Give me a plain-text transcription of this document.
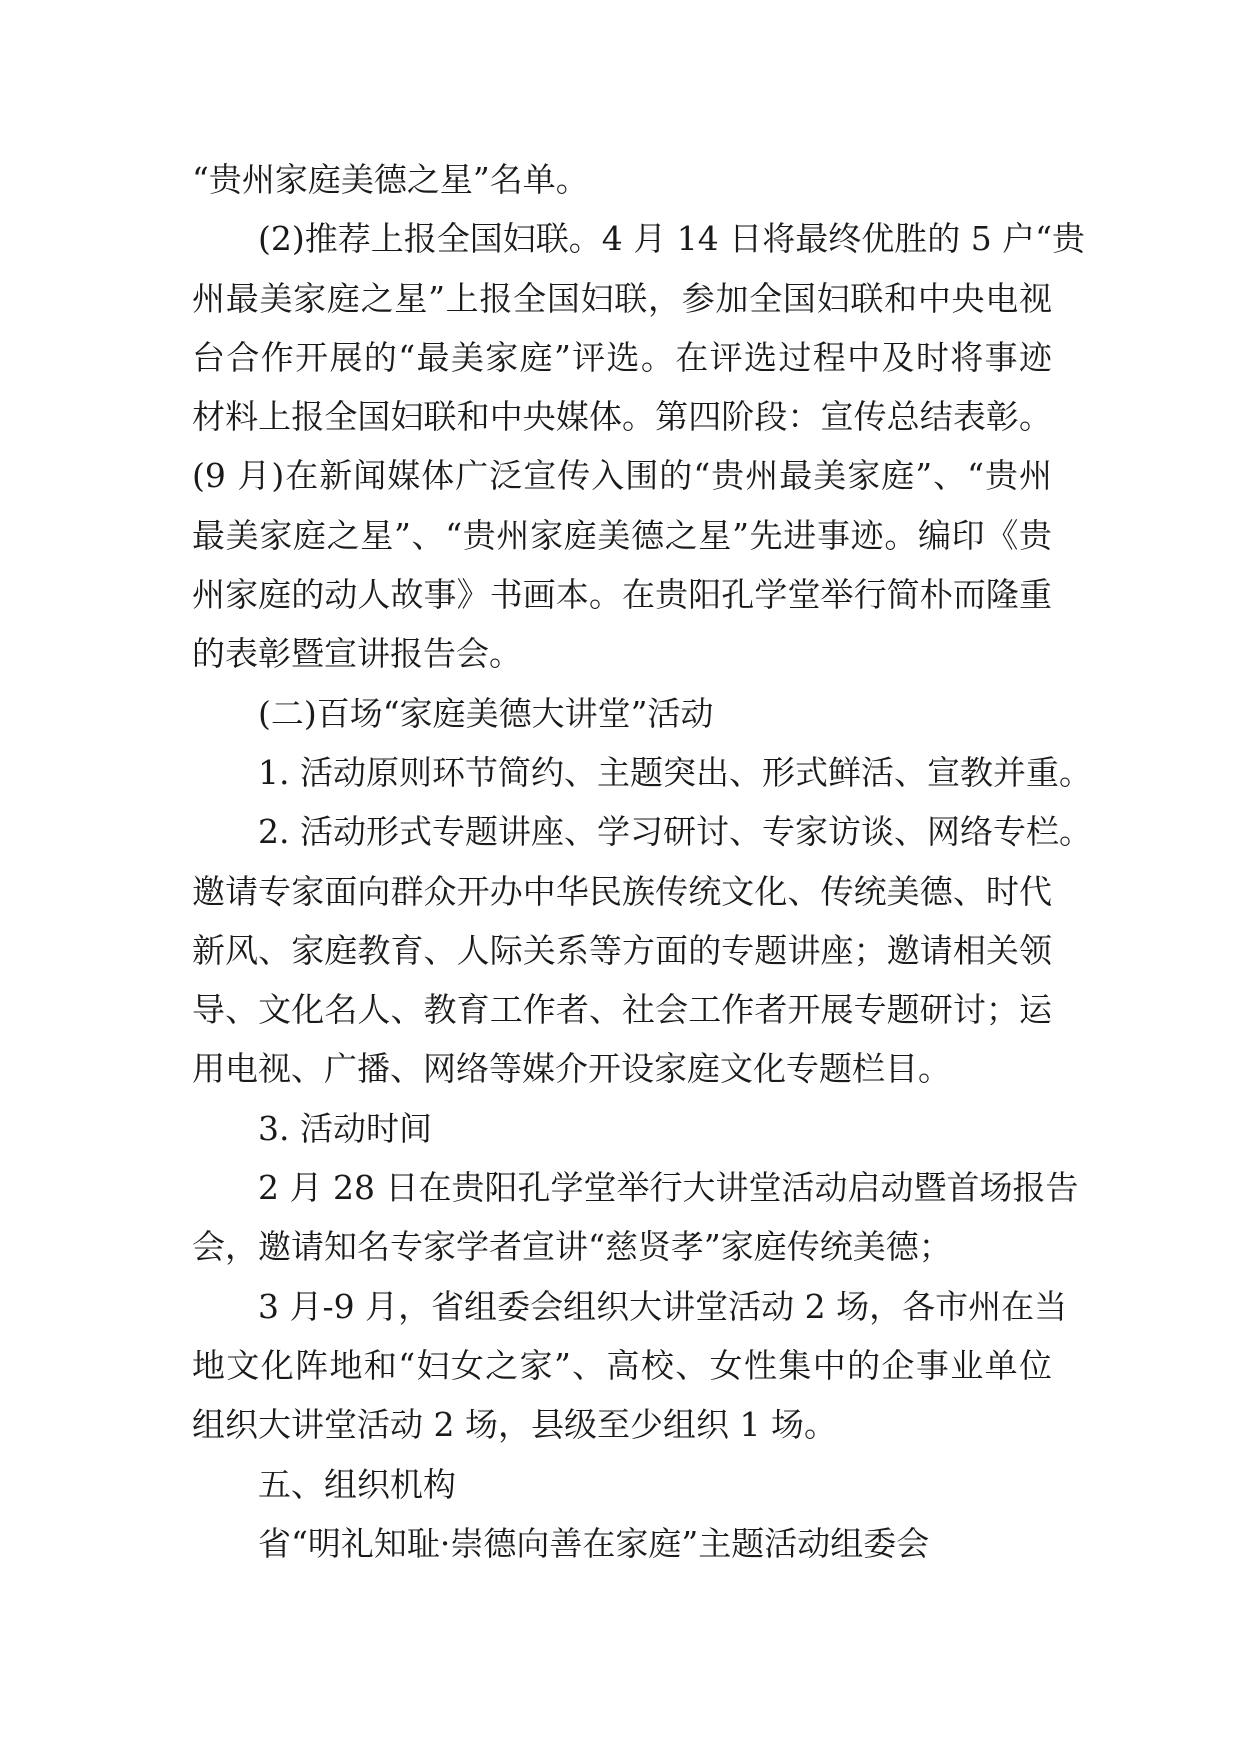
“贵州家庭美德之星”名单。
(2)推荐上报全国妇联。4 月 14 日将最终优胜的 5 户“贵
州最美家庭之星”上报全国妇联，参加全国妇联和中央电视
台合作开展的“最美家庭”评选。在评选过程中及时将事迹
材料上报全国妇联和中央媒体。第四阶段：宣传总结表彰。
(9 月)在新闻媒体广泛宣传入围的“贵州最美家庭”、“贵州
最美家庭之星”、“贵州家庭美德之星”先进事迹。编印《贵
州家庭的动人故事》书画本。在贵阳孔学堂举行简朴而隆重
的表彰暨宣讲报告会。
(二)百场“家庭美德大讲堂”活动
1. 活动原则环节简约、主题突出、形式鲜活、宣教并重。
2. 活动形式专题讲座、学习研讨、专家访谈、网络专栏。
邀请专家面向群众开办中华民族传统文化、传统美德、时代
新风、家庭教育、人际关系等方面的专题讲座；邀请相关领
导、文化名人、教育工作者、社会工作者开展专题研讨；运
用电视、广播、网络等媒介开设家庭文化专题栏目。
3. 活动时间
2 月 28 日在贵阳孔学堂举行大讲堂活动启动暨首场报告
会，邀请知名专家学者宣讲“慈贤孝”家庭传统美德；
3 月-9 月，省组委会组织大讲堂活动 2 场，各市州在当
地文化阵地和“妇女之家”、高校、女性集中的企事业单位
组织大讲堂活动 2 场，县级至少组织 1 场。
五、组织机构
省“明礼知耻·崇德向善在家庭”主题活动组委会
